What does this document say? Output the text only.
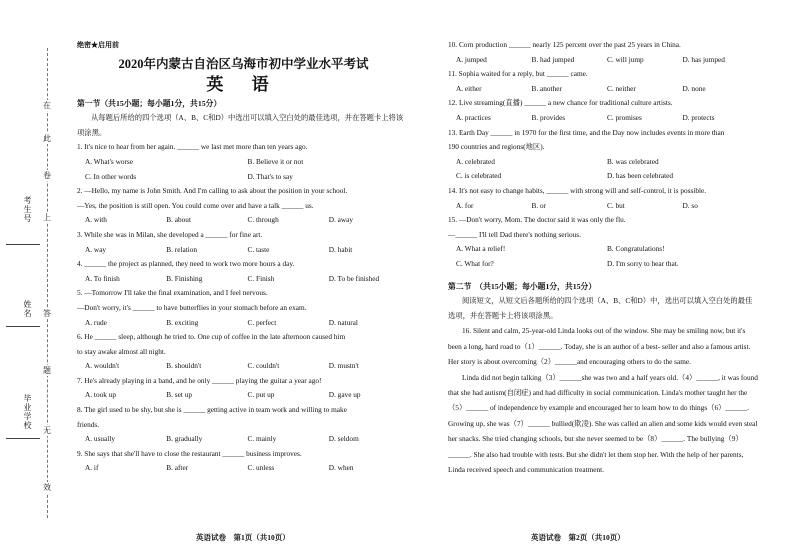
在
此
卷
上
答
题
无
效
考生号
姓名
毕业学校
绝密★启用前
2020年内蒙古自治区乌海市初中学业水平考试
英 语
第一节（共15小题；每小题1分，共15分）
从每题后所给的四个选项（A、B、C和D）中选出可以填入空白处的最佳选项，并在答题卡上将该项涂黑。
1. It's nice to hear from her again. ______ we last met more than ten years ago.
A. What's worse	B. Believe it or not
C. In other words	D. That's to say
2. —Hello, my name is John Smith. And I'm calling to ask about the position in your school.
—Yes, the position is still open. You could come over and have a talk ______ us.
A. with	B. about	C. through	D. away
3. While she was in Milan, she developed a ______ for fine art.
A. way	B. relation	C. taste	D. habit
4. ______ the project as planned, they need to work two more hours a day.
A. To finish	B. Finishing	C. Finish	D. To be finished
5. —Tomorrow I'll take the final examination, and I feel nervous.
—Don't worry, it's ______ to have butterflies in your stomach before an exam.
A. rude	B. exciting	C. perfect	D. natural
6. He ______ sleep, although he tried to. One cup of coffee in the late afternoon caused him
to stay awake almost all night.
A. wouldn't	B. shouldn't	C. couldn't	D. mustn't
7. He's already playing in a band, and he only ______ playing the guitar a year ago!
A. took up	B. set up	C. put up	D. gave up
8. The girl used to be shy, but she is ______ getting active in team work and willing to make
friends.
A. usually	B. gradually	C. mainly	D. seldom
9. She says that she'll have to close the restaurant ______ business improves.
A. if	B. after	C. unless	D. when
10. Corn production ______ nearly 125 percent over the past 25 years in China.
A. jumped	B. had jumped	C. will jump	D. has jumped
11. Sophia waited for a reply, but ______ came.
A. either	B. another	C. neither	D. none
12. Live streaming(直播) ______ a new chance for traditional culture artists.
A. practices	B. provides	C. promises	D. protects
13. Earth Day ______ in 1970 for the first time, and the Day now includes events in more than
190 countries and regions(地区).
A. celebrated	B. was celebrated
C. is celebrated	D. has been celebrated
14. It's not easy to change habits, ______ with strong will and self-control, it is possible.
A. for	B. or	C. but	D. so
15. —Don't worry, Mom. The doctor said it was only the flu.
—______ I'll tell Dad there's nothing serious.
A. What a relief!	B. Congratulations!
C. What for?	D. I'm sorry to hear that.
第二节　（共15小题；每小题1分，共15分）
阅读短文，从短文后各题所给的四个选项（A、B、C和D）中，选出可以填入空白处的最佳选项，并在答题卡上将该项涂黑。
16. Silent and calm, 25-year-old Linda looks out of the window. She may be smiling now, but it's been a long, hard road to（1）______. Today, she is an author of a best- seller and also a famous artist. Her story is about overcoming（2）______and encouraging others to do the same.
Linda did not begin talking（3）______she was two and a half years old.（4）______, it was found that she had autism(自闭症) and had difficulty in social communication. Linda's mother taught her the（5）______ of independence by example and encouraged her to learn how to do things（6）______. Growing up, she was（7）______ bullied(欺凌). She was called an alien and some kids would even steal her snacks. She tried changing schools, but she never seemed to be（8）______. The bullying（9）______. She also had trouble with tests. But she didn't let them stop her. With the help of her parents, Linda received speech and communication treatment.
英语试卷　第1页（共10页）	英语试卷　第2页（共10页）
